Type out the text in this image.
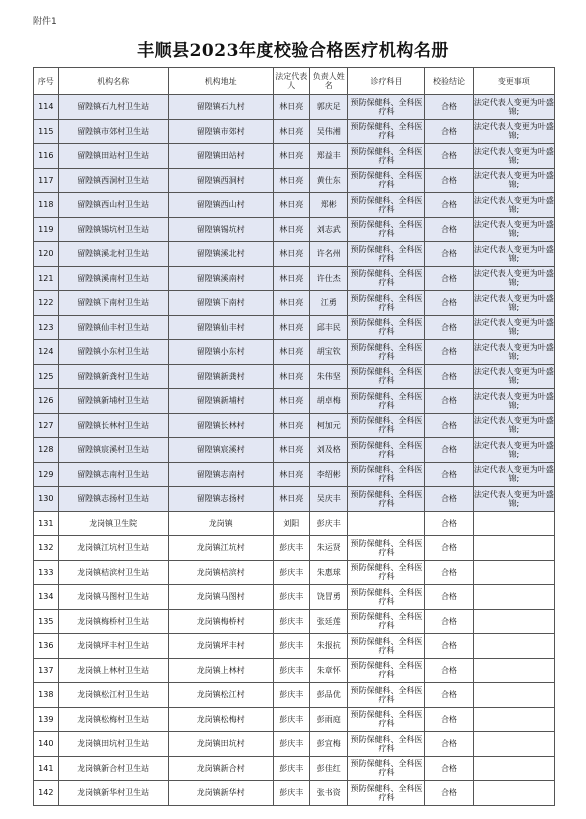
附件1
丰顺县2023年度校验合格医疗机构名册
序号	机构名称	机构地址	法定代表人	负责人姓名	诊疗科目	校验结论	变更事项
114	留隍镇石九村卫生站	留隍镇石九村	林日亮	郭庆足	预防保健科、全科医疗科	合格	法定代表人变更为叶盛锦;
115	留隍镇市郊村卫生站	留隍镇市郊村	林日亮	吴伟湘	预防保健科、全科医疗科	合格	法定代表人变更为叶盛锦;
116	留隍镇田站村卫生站	留隍镇田站村	林日亮	郑益丰	预防保健科、全科医疗科	合格	法定代表人变更为叶盛锦;
117	留隍镇西洞村卫生站	留隍镇西洞村	林日亮	黄仕东	预防保健科、全科医疗科	合格	法定代表人变更为叶盛锦;
118	留隍镇西山村卫生站	留隍镇西山村	林日亮	郑彬	预防保健科、全科医疗科	合格	法定代表人变更为叶盛锦;
119	留隍镇锡坑村卫生站	留隍镇锡坑村	林日亮	刘志武	预防保健科、全科医疗科	合格	法定代表人变更为叶盛锦;
120	留隍镇溪北村卫生站	留隍镇溪北村	林日亮	许名州	预防保健科、全科医疗科	合格	法定代表人变更为叶盛锦;
121	留隍镇溪南村卫生站	留隍镇溪南村	林日亮	许仕杰	预防保健科、全科医疗科	合格	法定代表人变更为叶盛锦;
122	留隍镇下南村卫生站	留隍镇下南村	林日亮	江勇	预防保健科、全科医疗科	合格	法定代表人变更为叶盛锦;
123	留隍镇仙丰村卫生站	留隍镇仙丰村	林日亮	邱丰民	预防保健科、全科医疗科	合格	法定代表人变更为叶盛锦;
124	留隍镇小东村卫生站	留隍镇小东村	林日亮	胡宝钦	预防保健科、全科医疗科	合格	法定代表人变更为叶盛锦;
125	留隍镇新龚村卫生站	留隍镇新龚村	林日亮	朱伟坚	预防保健科、全科医疗科	合格	法定代表人变更为叶盛锦;
126	留隍镇新埔村卫生站	留隍镇新埔村	林日亮	胡卓梅	预防保健科、全科医疗科	合格	法定代表人变更为叶盛锦;
127	留隍镇长林村卫生站	留隍镇长林村	林日亮	柯加元	预防保健科、全科医疗科	合格	法定代表人变更为叶盛锦;
128	留隍镇宸溪村卫生站	留隍镇宸溪村	林日亮	刘及格	预防保健科、全科医疗科	合格	法定代表人变更为叶盛锦;
129	留隍镇志南村卫生站	留隍镇志南村	林日亮	李绍彬	预防保健科、全科医疗科	合格	法定代表人变更为叶盛锦;
130	留隍镇志扬村卫生站	留隍镇志扬村	林日亮	吴庆丰	预防保健科、全科医疗科	合格	法定代表人变更为叶盛锦;
131	龙岗镇卫生院	龙岗镇	刘阳	彭庆丰		合格	
132	龙岗镇江坑村卫生站	龙岗镇江坑村	彭庆丰	朱运贤	预防保健科、全科医疗科	合格	
133	龙岗镇桔滨村卫生站	龙岗镇桔滨村	彭庆丰	朱惠球	预防保健科、全科医疗科	合格	
134	龙岗镇马图村卫生站	龙岗镇马图村	彭庆丰	饶冒勇	预防保健科、全科医疗科	合格	
135	龙岗镇梅桥村卫生站	龙岗镇梅桥村	彭庆丰	张廷莲	预防保健科、全科医疗科	合格	
136	龙岗镇坪丰村卫生站	龙岗镇坪丰村	彭庆丰	朱报抗	预防保健科、全科医疗科	合格	
137	龙岗镇上林村卫生站	龙岗镇上林村	彭庆丰	朱章怀	预防保健科、全科医疗科	合格	
138	龙岗镇松江村卫生站	龙岗镇松江村	彭庆丰	彭品优	预防保健科、全科医疗科	合格	
139	龙岗镇松梅村卫生站	龙岗镇松梅村	彭庆丰	彭雨庭	预防保健科、全科医疗科	合格	
140	龙岗镇田坑村卫生站	龙岗镇田坑村	彭庆丰	彭宜梅	预防保健科、全科医疗科	合格	
141	龙岗镇新合村卫生站	龙岗镇新合村	彭庆丰	彭佳红	预防保健科、全科医疗科	合格	
142	龙岗镇新华村卫生站	龙岗镇新华村	彭庆丰	张书资	预防保健科、全科医疗科	合格	
